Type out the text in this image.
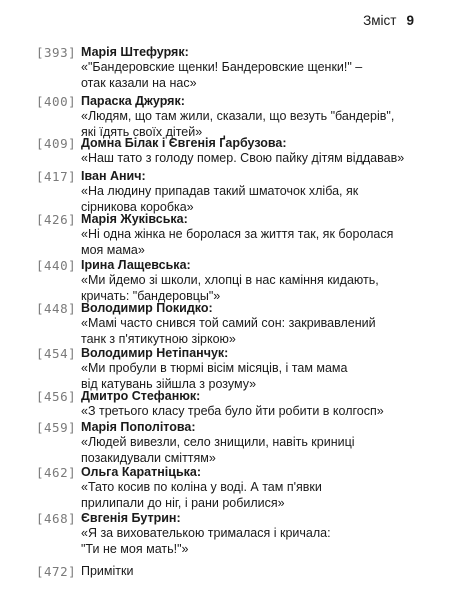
Зміст 9
[393] Марія Штефуряк:
«"Бандеровские щенки! Бандеровские щенки!" –
отак казали на нас»
[400] Параска Джуряк:
«Людям, що там жили, сказали, що везуть "бандерів",
які їдять своїх дітей»
[409] Домна Білак і Євгенія Ґарбузова:
«Наш тато з голоду помер. Свою пайку дітям віддавав»
[417] Іван Анич:
«На людину припадав такий шматочок хліба, як
сірникова коробка»
[426] Марія Жуківська:
«Ні одна жінка не боролася за життя так, як боролася
моя мама»
[440] Ірина Лащевська:
«Ми йдемо зі школи, хлопці в нас каміння кидають,
кричать: "бандеровцы"»
[448] Володимир Покидко:
«Мамі часто снився той самий сон: закривавлений
танк з п'ятикутною зіркою»
[454] Володимир Нетіпанчук:
«Ми пробули в тюрмі вісім місяців, і там мама
від катувань зійшла з розуму»
[456] Дмитро Стефанюк:
«З третього класу треба було йти робити в колгосп»
[459] Марія Пополітова:
«Людей вивезли, село знищили, навіть криниці
позакидували сміттям»
[462] Ольга Каратніцька:
«Тато косив по коліна у воді. А там п'явки
прилипали до ніг, і рани робилися»
[468] Євгенія Бутрин:
«Я за вихователькою трималася і кричала:
"Ти не моя мать!"»
[472] Примітки
